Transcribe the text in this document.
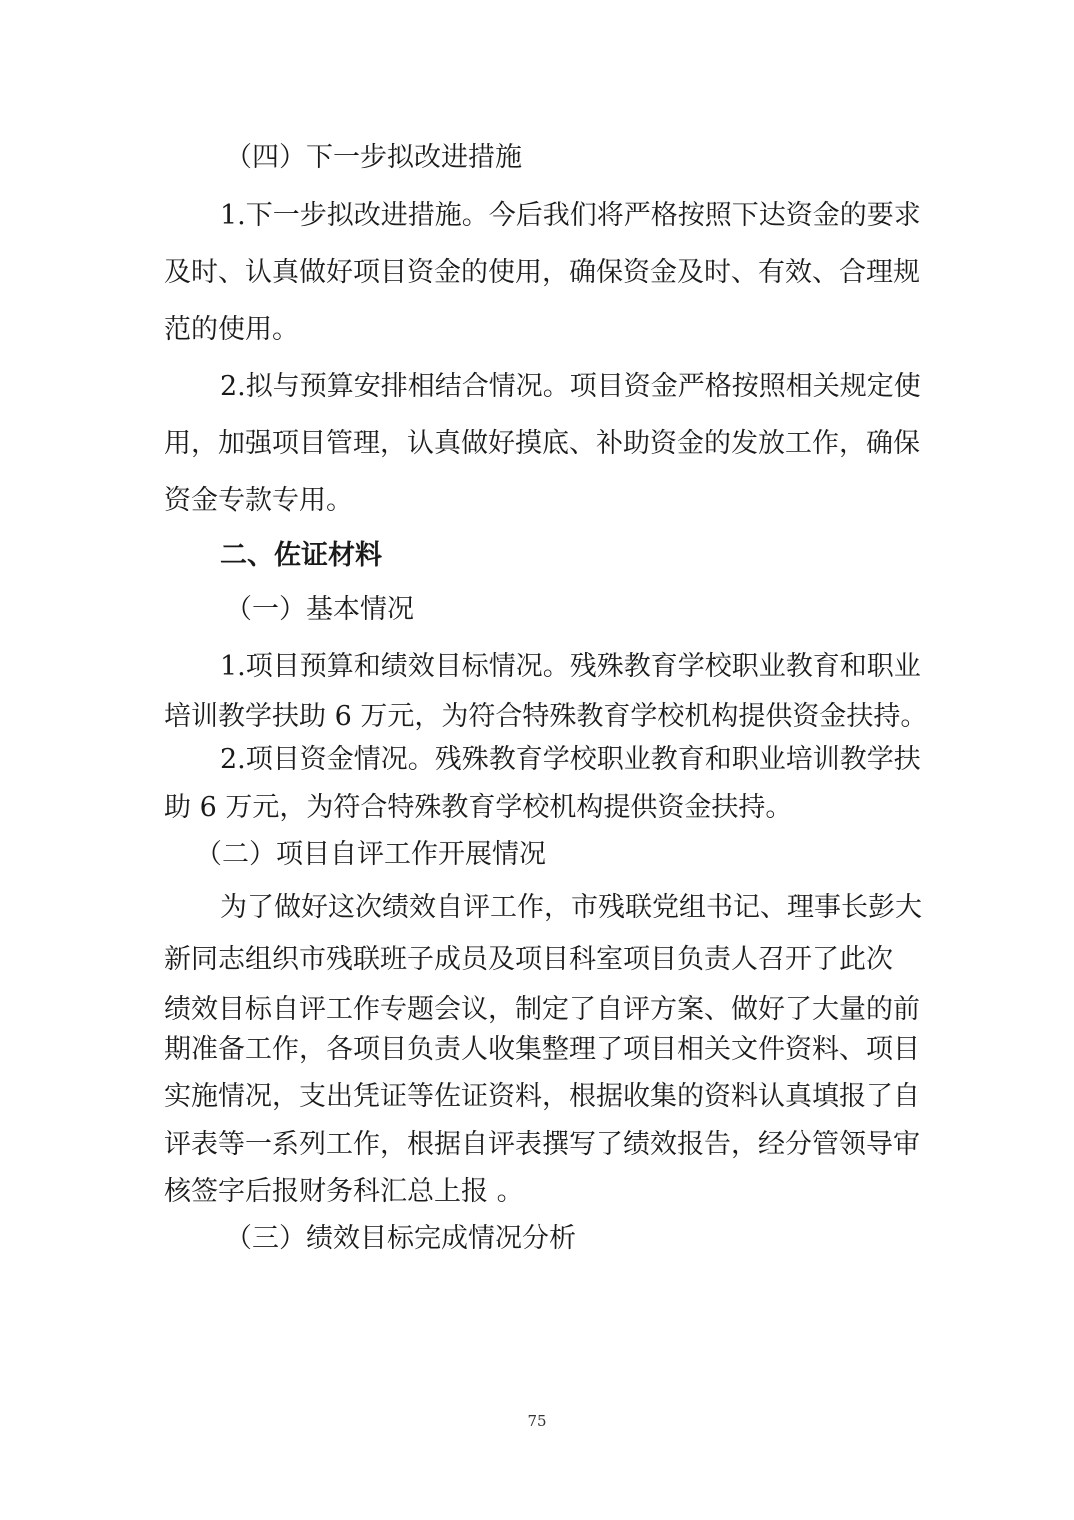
（四）下一步拟改进措施
1.下一步拟改进措施。今后我们将严格按照下达资金的要求
及时、认真做好项目资金的使用，确保资金及时、有效、合理规
范的使用。
2.拟与预算安排相结合情况。项目资金严格按照相关规定使
用，加强项目管理，认真做好摸底、补助资金的发放工作，确保
资金专款专用。
二、佐证材料
（一）基本情况
1.项目预算和绩效目标情况。残殊教育学校职业教育和职业
培训教学扶助 6 万元，为符合特殊教育学校机构提供资金扶持。
2.项目资金情况。残殊教育学校职业教育和职业培训教学扶
助 6 万元，为符合特殊教育学校机构提供资金扶持。
（二）项目自评工作开展情况
为了做好这次绩效自评工作，市残联党组书记、理事长彭大
新同志组织市残联班子成员及项目科室项目负责人召开了此次
绩效目标自评工作专题会议，制定了自评方案、做好了大量的前
期准备工作，各项目负责人收集整理了项目相关文件资料、项目
实施情况，支出凭证等佐证资料，根据收集的资料认真填报了自
评表等一系列工作，根据自评表撰写了绩效报告，经分管领导审
核签字后报财务科汇总上报 。
（三）绩效目标完成情况分析
75
